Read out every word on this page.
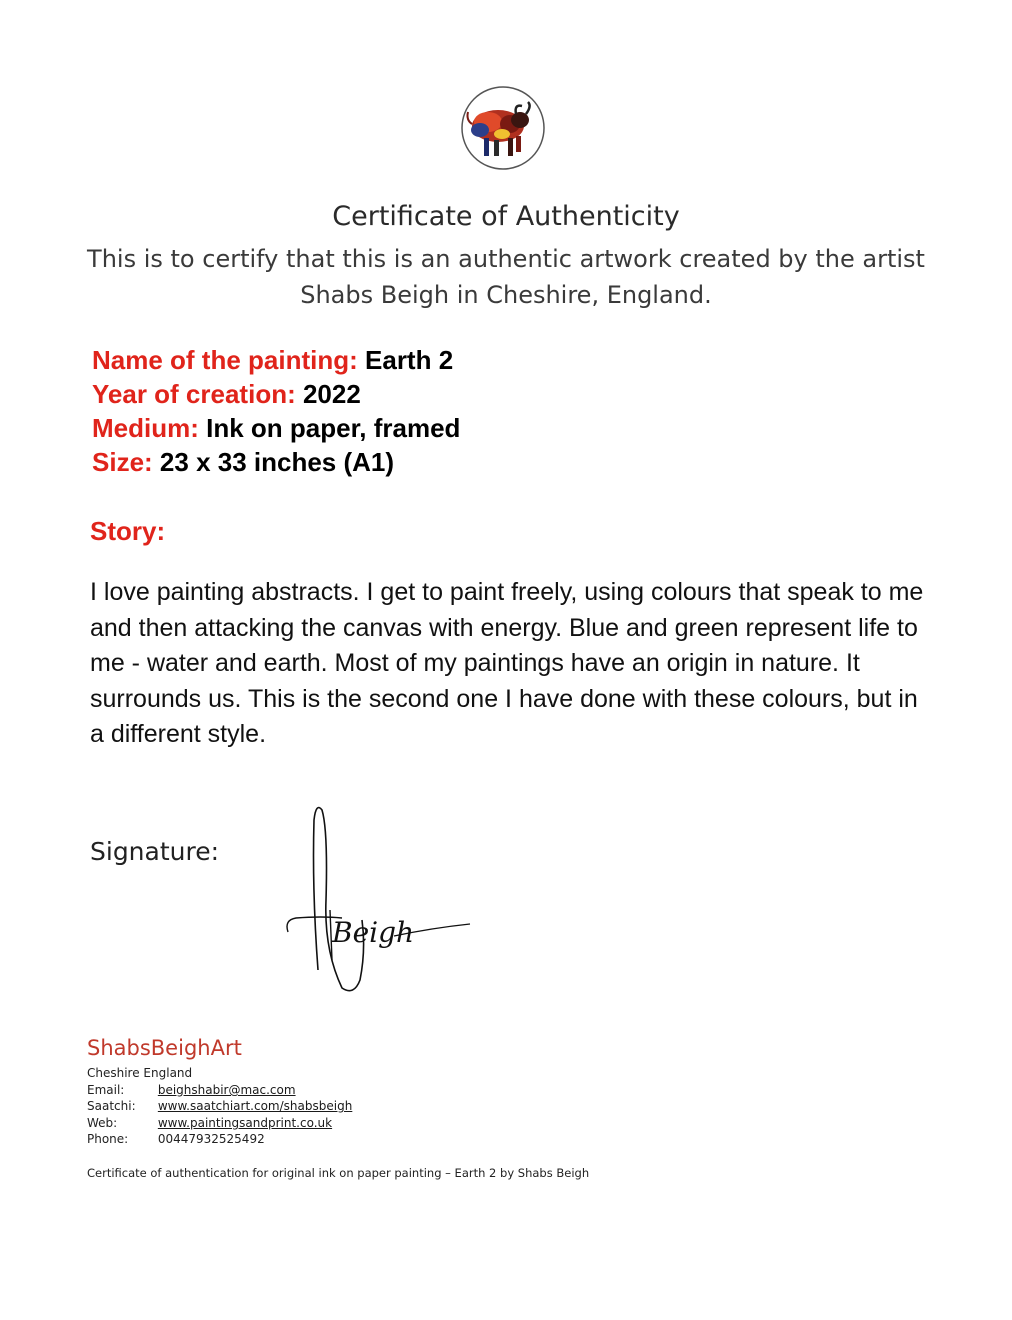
Certificate of Authenticity
This is to certify that this is an authentic artwork created by the artist
Shabs Beigh in Cheshire, England.
Name of the painting: Earth 2
Year of creation: 2022
Medium: Ink on paper, framed
Size: 23 x 33 inches (A1)
Story:
I love painting abstracts. I get to paint freely, using colours that speak to me and then attacking the canvas with energy. Blue and green represent life to me - water and earth. Most of my paintings have an origin in nature. It surrounds us. This is the second one I have done with these colours, but in a different style.
Signature:
Beigh
ShabsBeighArt
Cheshire England
Email:	beighshabir@mac.com
Saatchi: www.saatchiart.com/shabsbeigh
Web:	www.paintingsandprint.co.uk
Phone: 00447932525492
Certificate of authentication for original ink on paper painting – Earth 2 by Shabs Beigh
